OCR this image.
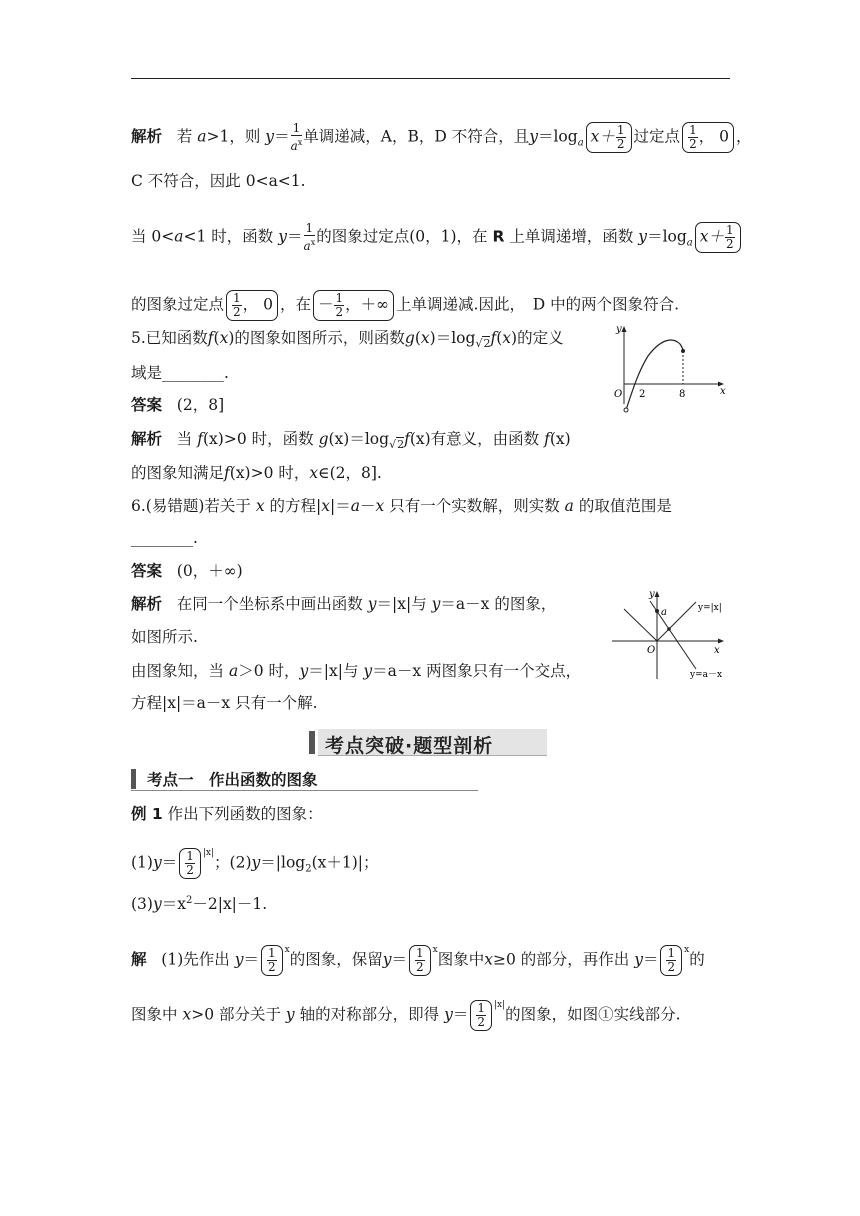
解析 若 a>1，则 $y= \frac{1}{a^x}$ 单调递减，A，B，D 不符合，且$y=\log_a$ $x+ \frac{1}{2}$ 过定点 $\frac{1}{2}$ ， 0 ，
C 不符合，因此 0<a<1.
当 0<a<1 时，函数 $y= \frac{1}{a^x}$ 的图象过定点(0，1)，在 R 上单调递增，函数 $y=\log_a$ $x+ \frac{1}{2}$
的图象过定点 $\frac{1}{2}$ ， 0 ，在 － $\frac{1}{2}$ ，＋∞ 上单调递减.因此，　D 中的两个图象符合.
5.已知函数f(x)的图象如图所示，则函数$g(x)=\log_{√2}f(x)$的定义
域是________.
答案 (2，8]
解析 当 f(x)>0 时，函数 $g(x)=\log_{√2}f(x)$有意义，由函数 f(x)
的图象知满足f(x)>0 时，x∈(2，8].
y
x
O 2	8
6.(易错题)若关于 x 的方程|x|＝a－x 只有一个实数解，则实数 a 的取值范围是
________.
答案 (0，＋∞)
解析 在同一个坐标系中画出函数 y＝|x|与 y＝a－x 的图象，
如图所示.
由图象知，当 a＞0 时，y＝|x|与 y＝a－x 两图象只有一个交点，
方程|x|＝a－x 只有一个解.
y
x
O
a	y=|x|
y=a－x
考点突破·题型剖析
考点一　作出函数的图象
例 1 作出下列函数的图象：
$(1)y= \frac{1}{2} ^{|x|}$；$(2)y=|\log_2(x+1)|$；
$(3)y=x^2-2|x|-1$.
解 (1)先作出 $y= \frac{1}{2} ^x$的图象，保留$y= \frac{1}{2} ^x$图象中x≥0 的部分，再作出 $y= \frac{1}{2} ^x$的
图象中 x>0 部分关于 y 轴的对称部分，即得 $y= \frac{1}{2} ^{|x|}$的图象，如图①实线部分.
